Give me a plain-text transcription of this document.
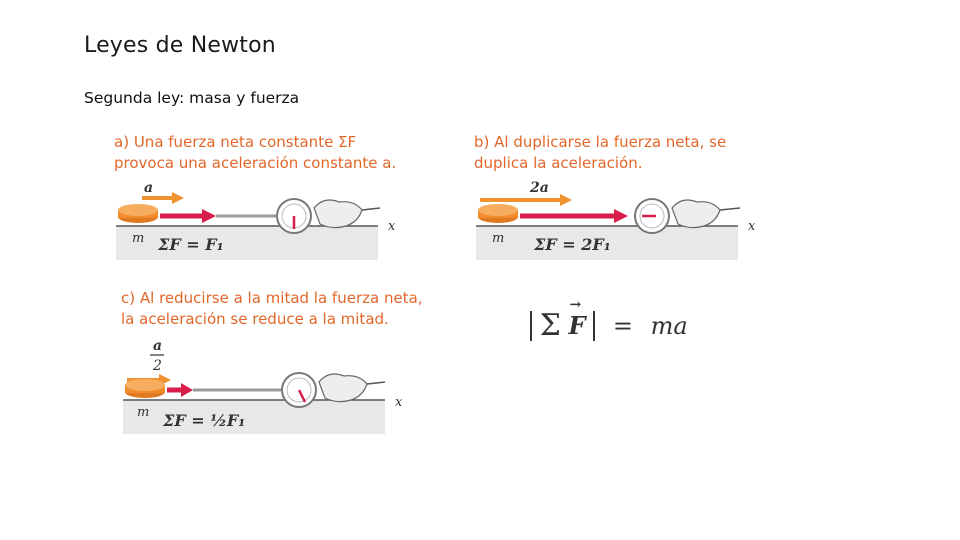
Leyes de Newton
Segunda ley: masa y fuerza
a) Una fuerza neta constante ΣF
provoca una aceleración constante a.
a
x
m ΣF = F₁
b) Al duplicarse la fuerza neta, se
duplica la aceleración.
2a
x
m ΣF = 2F₁
c) Al reducirse a la mitad la fuerza neta,
la aceleración se reduce a la mitad.
a
2
x
m ΣF = ½F₁
Σ → F = ma
